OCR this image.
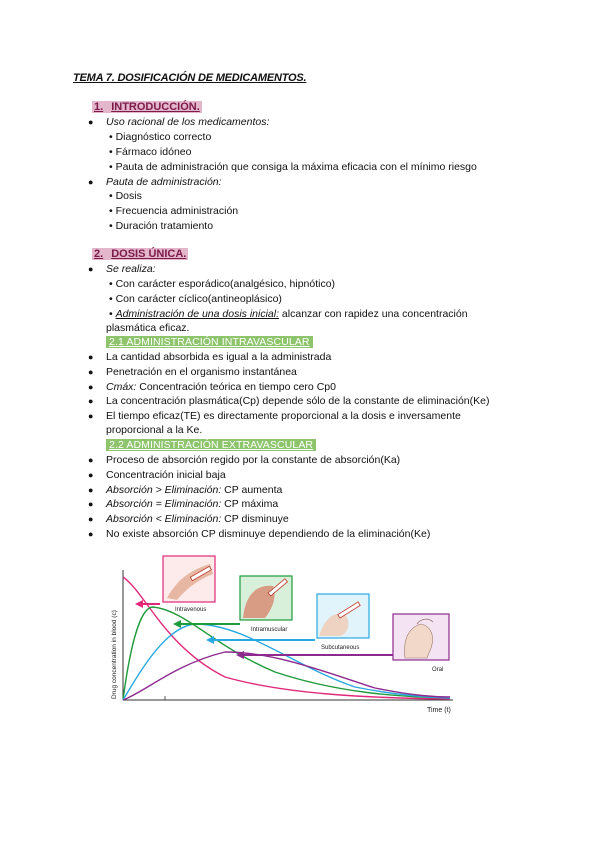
TEMA 7. DOSIFICACIÓN DE MEDICAMENTOS.
1. INTRODUCCIÓN.
● Uso racional de los medicamentos:
• Diagnóstico correcto
• Fármaco idóneo
• Pauta de administración que consiga la máxima eficacia con el mínimo riesgo
● Pauta de administración:
• Dosis
• Frecuencia administración
• Duración tratamiento
2. DOSIS ÚNICA.
● Se realiza:
• Con carácter esporádico(analgésico, hipnótico)
• Con carácter cíclico(antineoplásico)
• Administración de una dosis inicial: alcanzar con rapidez una concentración
plasmática eficaz.
2.1 ADMINISTRACIÓN INTRAVASCULAR
● La cantidad absorbida es igual a la administrada
● Penetración en el organismo instantánea
● Cmáx: Concentración teórica en tiempo cero Cp0
● La concentración plasmática(Cp) depende sólo de la constante de eliminación(Ke)
● El tiempo eficaz(TE) es directamente proporcional a la dosis e inversamente
proporcional a la Ke.
2.2 ADMINISTRACIÓN EXTRAVASCULAR
● Proceso de absorción regido por la constante de absorción(Ka)
● Concentración inicial baja
● Absorción > Eliminación: CP aumenta
● Absorción = Eliminación: CP máxima
● Absorción < Eliminación: CP disminuye
● No existe absorción CP disminuye dependiendo de la eliminación(Ke)
Drug concentration in blood (c)
Time (t)
Intravenous
Intramuscular
Subcutaneous
Oral
